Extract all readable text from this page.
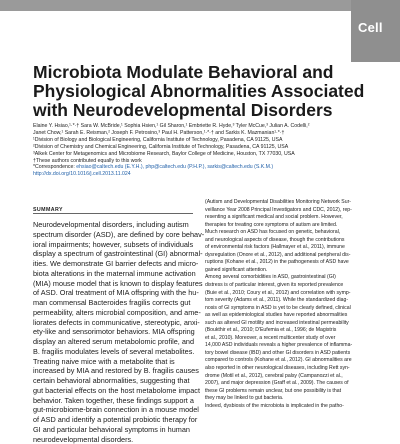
Cell
Microbiota Modulate Behavioral and
Physiological Abnormalities Associated
with Neurodevelopmental Disorders
Elaine Y. Hsiao,¹·*·† Sara W. McBride,¹ Sophia Hsien,¹ Gil Sharon,¹ Embriette R. Hyde,³ Tyler McCue,³ Julian A. Codelli,²
Janet Chow,¹ Sarah E. Reisman,² Joseph F. Petrosino,³ Paul H. Patterson,¹·*·† and Sarkis K. Mazmanian¹·*·†
¹Division of Biology and Biological Engineering, California Institute of Technology, Pasadena, CA 91125, USA
²Division of Chemistry and Chemical Engineering, California Institute of Technology, Pasadena, CA 91125, USA
³Alkek Center for Metagenomics and Microbiome Research, Baylor College of Medicine, Houston, TX 77030, USA
†These authors contributed equally to this work
*Correspondence: ehsiao@caltech.edu (E.Y.H.), php@caltech.edu (P.H.P.), sarkis@caltech.edu (S.K.M.)
http://dx.doi.org/10.1016/j.cell.2013.11.024
SUMMARY
Neurodevelopmental disorders, including autism
spectrum disorder (ASD), are defined by core behav-
ioral impairments; however, subsets of individuals
display a spectrum of gastrointestinal (GI) abnormal-
ities. We demonstrate GI barrier defects and micro-
biota alterations in the maternal immune activation
(MIA) mouse model that is known to display features
of ASD. Oral treatment of MIA offspring with the hu-
man commensal Bacteroides fragilis corrects gut
permeability, alters microbial composition, and ame-
liorates defects in communicative, stereotypic, anxi-
ety-like and sensorimotor behaviors. MIA offspring
display an altered serum metabolomic profile, and
B. fragilis modulates levels of several metabolites.
Treating naive mice with a metabolite that is
increased by MIA and restored by B. fragilis causes
certain behavioral abnormalities, suggesting that
gut bacterial effects on the host metabolome impact
behavior. Taken together, these findings support a
gut-microbiome-brain connection in a mouse model
of ASD and identify a potential probiotic therapy for
GI and particular behavioral symptoms in human
neurodevelopmental disorders.
(Autism and Developmental Disabilities Monitoring Network Sur-
veillance Year 2008 Principal Investigators and CDC, 2012), rep-
resenting a significant medical and social problem. However,
therapies for treating core symptoms of autism are limited.
Much research on ASD has focused on genetic, behavioral,
and neurological aspects of disease, though the contributions
of environmental risk factors (Hallmayer et al., 2011), immune
dysregulation (Onore et al., 2012), and additional peripheral dis-
ruptions (Kohane et al., 2012) in the pathogenesis of ASD have
gained significant attention.
Among several comorbidities in ASD, gastrointestinal (GI)
distress is of particular interest, given its reported prevalence
(Buie et al., 2010; Coury et al., 2012) and correlation with symp-
tom severity (Adams et al., 2011). While the standardized diag-
nosis of GI symptoms in ASD is yet to be clearly defined, clinical
as well as epidemiological studies have reported abnormalities
such as altered GI motility and increased intestinal permeability
(Boukthir et al., 2010; D'Eufemia et al., 1996; de Magistris
et al., 2010). Moreover, a recent multicenter study of over
14,000 ASD individuals reveals a higher prevalence of inflamma-
tory bowel disease (IBD) and other GI disorders in ASD patients
compared to controls (Kohane et al., 2012). GI abnormalities are
also reported in other neurological diseases, including Rett syn-
drome (Motil et al., 2012), cerebral palsy (Campanozzi et al.,
2007), and major depression (Graff et al., 2009). The causes of
these GI problems remain unclear, but one possibility is that
they may be linked to gut bacteria.
Indeed, dysbiosis of the microbiota is implicated in the patho-
